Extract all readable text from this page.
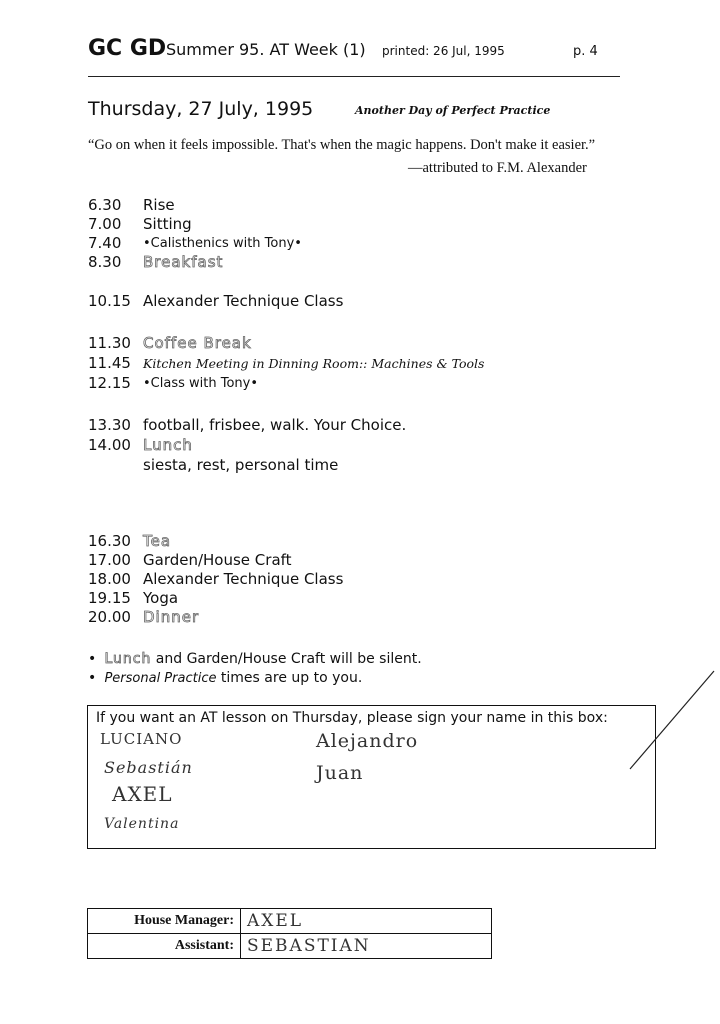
GC GD Summer 95. AT Week (1) printed: 26 Jul, 1995	p. 4
Thursday, 27 July, 1995	Another Day of Perfect Practice
“Go on when it feels impossible. That's when the magic happens. Don't make it easier.”
—attributed to F.M. Alexander
6.30 Rise
7.00 Sitting
7.40 •Calisthenics with Tony•
8.30 Breakfast
10.15 Alexander Technique Class
11.30 Coffee Break
11.45 Kitchen Meeting in Dinning Room:: Machines & Tools
12.15 •Class with Tony•
13.30 football, frisbee, walk. Your Choice.
14.00 Lunch
siesta, rest, personal time
16.30 Tea
17.00 Garden/House Craft
18.00 Alexander Technique Class
19.15 Yoga
20.00 Dinner
• Lunch and Garden/House Craft will be silent.
• Personal Practice times are up to you.
If you want an AT lesson on Thursday, please sign your name in this box:
LUCIANO	Alejandro
Sebastián	Juan
AXEL
Valentina
House Manager:	AXEL
Assistant:	SEBASTIAN
